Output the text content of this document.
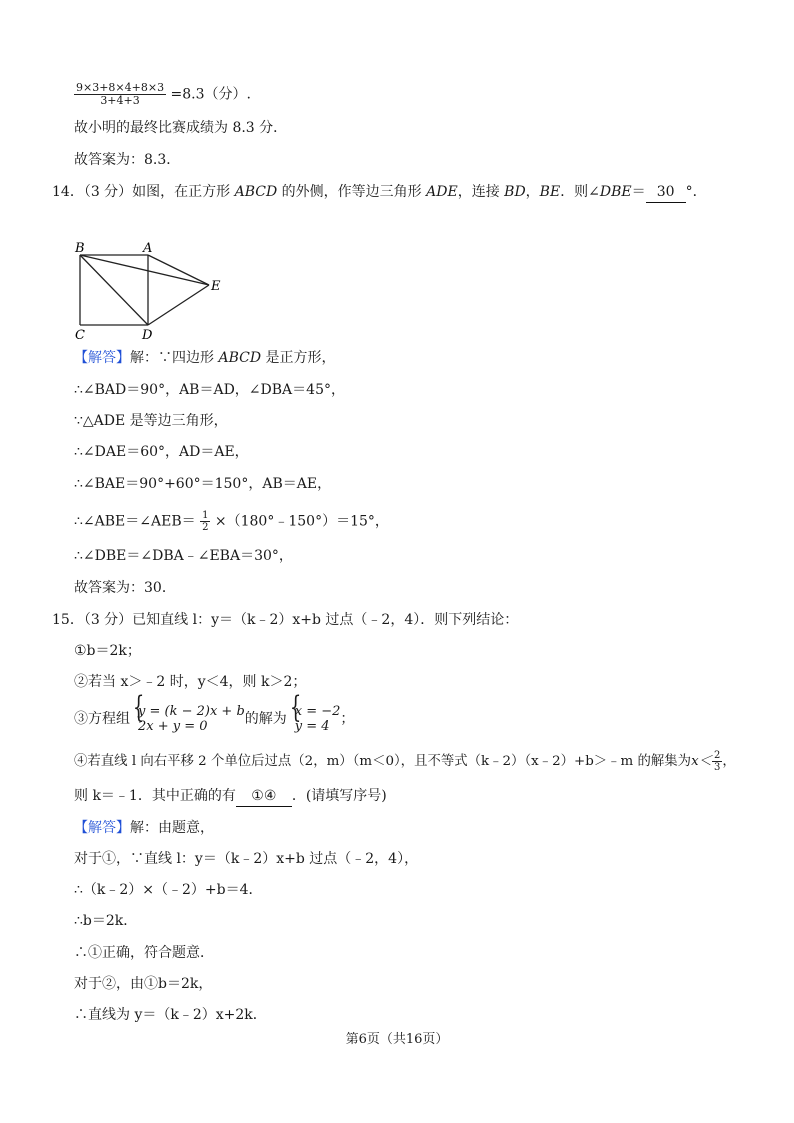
$\frac{9\times 3+8\times 4+8\times 3}{3+4+3} =8.3$（分）.
故小明的最终比赛成绩为 8.3 分．
故答案为：8.3．
14．（3 分）如图，在正方形 ABCD 的外侧，作等边三角形 ADE，连接 BD，BE．则∠DBE＝ 30 °．
B	A
E
C	D
【解答】解：∵四边形 ABCD 是正方形，
∴∠BAD＝90°，AB＝AD，∠DBA＝45°，
∵△ADE 是等边三角形，
∴∠DAE＝60°，AD＝AE，
∴∠BAE＝90°+60°＝150°，AB＝AE，
∴∠ABE＝∠AEB＝ $\frac{1}{2}$ ×（180°﹣150°）＝15°，
∴∠DBE＝∠DBA﹣∠EBA＝30°，
故答案为：30．
15．（3 分）已知直线 l：y＝（k﹣2）x+b 过点（﹣2，4）．则下列结论：
①b＝2k；
②若当 x＞﹣2 时，y＜4，则 k＞2；
③方程组 { y = (k − 2)x + b
2x + y = 0	的解为 { x = −2
y = 4 ；
④若直线 l 向右平移 2 个单位后过点（2，m）（m＜0），且不等式（k﹣2）（x﹣2）+b＞﹣m 的解集为$x< \frac{2}{3}$ ，
则 k＝﹣1．其中正确的有 ①④ ．(请填写序号)
【解答】解：由题意，
对于①，∵直线 l：y＝（k﹣2）x+b 过点（﹣2，4），
∴（k﹣2）×（﹣2）+b＝4．
∴b＝2k．
∴①正确，符合题意．
对于②，由①b＝2k，
∴直线为 y＝（k﹣2）x+2k．
第6页（共16页）
